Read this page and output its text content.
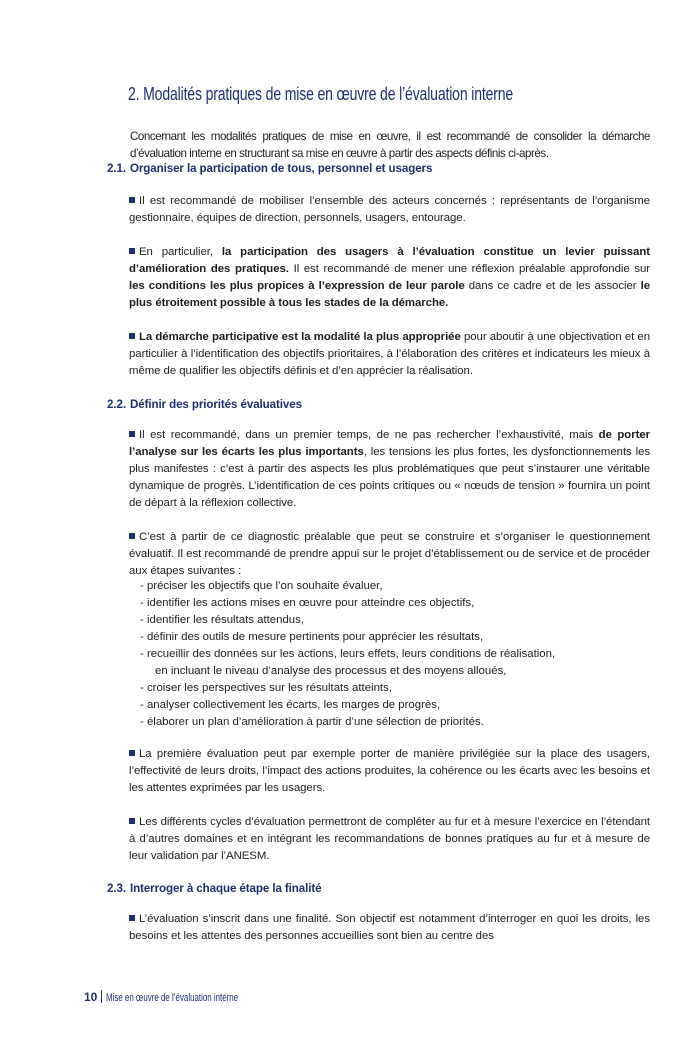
2. Modalités pratiques de mise en œuvre de l’évaluation interne
Concernant les modalités pratiques de mise en œuvre, il est recommandé de consolider la démarche d’évaluation interne en structurant sa mise en œuvre à partir des aspects définis ci-après.
2.1. Organiser la participation de tous, personnel et usagers
Il est recommandé de mobiliser l’ensemble des acteurs concernés : représentants de l’organisme gestionnaire, équipes de direction, personnels, usagers, entourage.
En particulier, la participation des usagers à l’évaluation constitue un levier puissant d’amélioration des pratiques. Il est recommandé de mener une réflexion préalable approfondie sur les conditions les plus propices à l’expression de leur parole dans ce cadre et de les associer le plus étroitement possible à tous les stades de la démarche.
La démarche participative est la modalité la plus appropriée pour aboutir à une objectivation et en particulier à l’identification des objectifs prioritaires, à l’élaboration des critères et indicateurs les mieux à même de qualifier les objectifs définis et d’en apprécier la réalisation.
2.2. Définir des priorités évaluatives
Il est recommandé, dans un premier temps, de ne pas rechercher l’exhaustivité, mais de porter l’analyse sur les écarts les plus importants, les tensions les plus fortes, les dysfonctionnements les plus manifestes : c’est à partir des aspects les plus problématiques que peut s’instaurer une véritable dynamique de progrès. L’identification de ces points critiques ou « nœuds de tension » fournira un point de départ à la réflexion collective.
C’est à partir de ce diagnostic préalable que peut se construire et s’organiser le questionnement évaluatif. Il est recommandé de prendre appui sur le projet d’établissement ou de service et de procéder aux étapes suivantes :
- préciser les objectifs que l’on souhaite évaluer,
- identifier les actions mises en œuvre pour atteindre ces objectifs,
- identifier les résultats attendus,
- définir des outils de mesure pertinents pour apprécier les résultats,
- recueillir des données sur les actions, leurs effets, leurs conditions de réalisation,
en incluant le niveau d’analyse des processus et des moyens alloués,
- croiser les perspectives sur les résultats atteints,
- analyser collectivement les écarts, les marges de progrès,
- élaborer un plan d’amélioration à partir d’une sélection de priorités.
La première évaluation peut par exemple porter de manière privilégiée sur la place des usagers, l’effectivité de leurs droits, l’impact des actions produites, la cohérence ou les écarts avec les besoins et les attentes exprimées par les usagers.
Les différents cycles d’évaluation permettront de compléter au fur et à mesure l’exercice en l’étendant à d’autres domaines et en intégrant les recommandations de bonnes pratiques au fur et à mesure de leur validation par l’ANESM.
2.3. Interroger à chaque étape la finalité
L’évaluation s’inscrit dans une finalité. Son objectif est notamment d’interroger en quoi les droits, les besoins et les attentes des personnes accueillies sont bien au centre des
10 Mise en œuvre de l’évaluation interne
